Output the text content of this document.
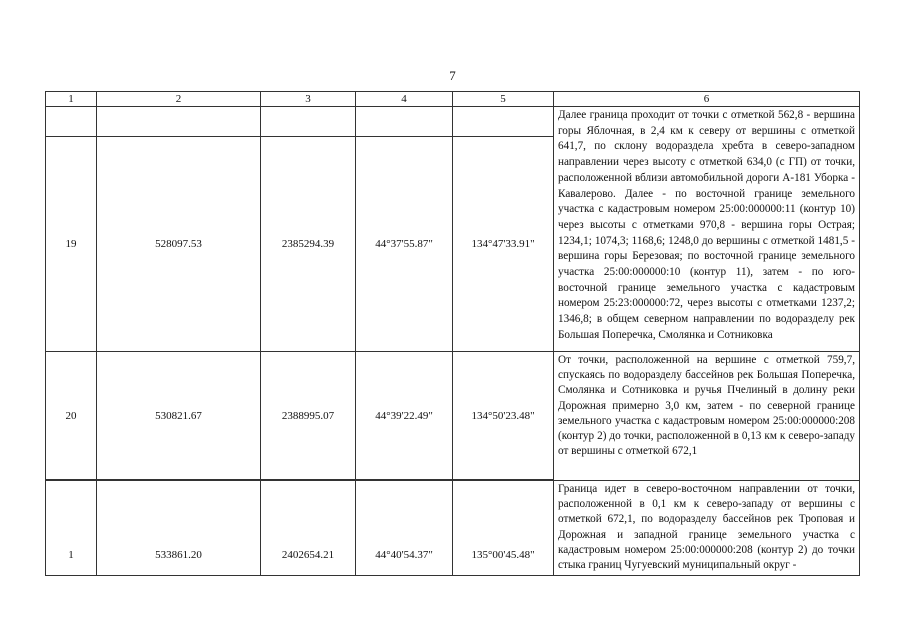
7
1	2	3	4	5	6
					Далее граница проходит от точки с отметкой 562,8 - вершина горы Яблочная, в 2,4 км к северу от вершины с отметкой 641,7, по склону водораздела хребта в северо-западном направлении через высоту с отметкой 634,0 (с ГП) от точки, расположенной вблизи автомобильной дороги А-181 Уборка - Кавалерово. Далее - по восточной границе земельного участка с кадастровым номером 25:00:000000:11 (контур 10) через высоты с отметками 970,8 - вершина горы Острая; 1234,1; 1074,3; 1168,6; 1248,0 до вершины с отметкой 1481,5 - вершина горы Березовая; по восточной границе земельного участка 25:00:000000:10 (контур 11), затем - по юго-восточной границе земельного участка с кадастровым номером 25:23:000000:72, через высоты с отметками 1237,2; 1346,8; в общем северном направлении по водоразделу рек Большая Поперечка, Смолянка и Сотниковка
19	528097.53	2385294.39	44°37'55.87"	134°47'33.91"	
20	530821.67	2388995.07	44°39'22.49"	134°50'23.48"	От точки, расположенной на вершине с отметкой 759,7, спускаясь по водоразделу бассейнов рек Большая Поперечка, Смолянка и Сотниковка и ручья Пчелиный в долину реки Дорожная примерно 3,0 км, затем - по северной границе земельного участка с кадастровым номером 25:00:000000:208 (контур 2) до точки, расположенной в 0,13 км к северо-западу от вершины с отметкой 672,1

1	533861.20	2402654.21	44°40'54.37"	135°00'45.48"	Граница идет в северо-восточном направлении от точки, расположенной в 0,1 км к северо-западу от вершины с отметкой 672,1, по водоразделу бассейнов рек Троповая и Дорожная и западной границе земельного участка с кадастровым номером 25:00:000000:208 (контур 2) до точки стыка границ Чугуевский муниципальный округ -
